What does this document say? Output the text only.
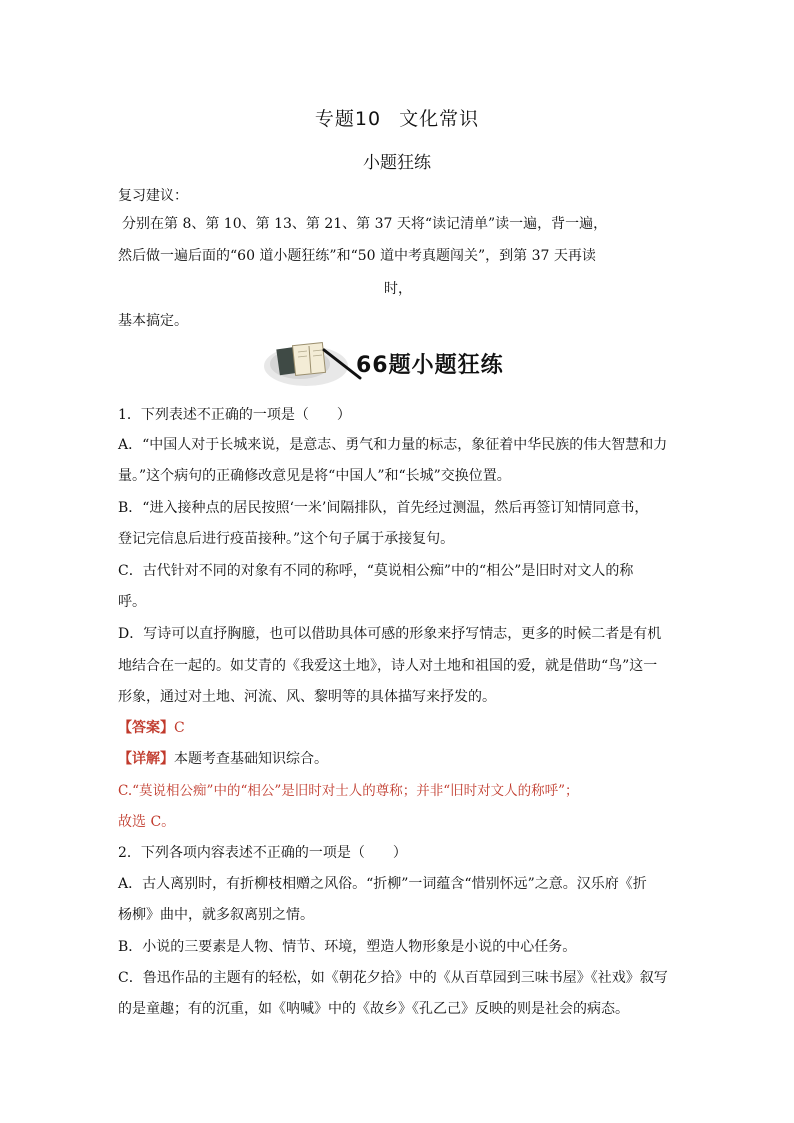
专题10 文化常识
小题狂练
复习建议：
分别在第 8、第 10、第 13、第 21、第 37 天将“读记清单”读一遍，背一遍，
然后做一遍后面的“60 道小题狂练”和“50 道中考真题闯关”，到第 37 天再读
时，
基本搞定。
66题小题狂练
1．下列表述不正确的一项是（　　）
A．“中国人对于长城来说，是意志、勇气和力量的标志，象征着中华民族的伟大智慧和力
量。”这个病句的正确修改意见是将“中国人”和“长城”交换位置。
B．“进入接种点的居民按照‘一米’间隔排队，首先经过测温，然后再签订知情同意书，
登记完信息后进行疫苗接种。”这个句子属于承接复句。
C．古代针对不同的对象有不同的称呼，“莫说相公痴”中的“相公”是旧时对文人的称
呼。
D．写诗可以直抒胸臆，也可以借助具体可感的形象来抒写情志，更多的时候二者是有机
地结合在一起的。如艾青的《我爱这土地》，诗人对土地和祖国的爱，就是借助“鸟”这一
形象，通过对土地、河流、风、黎明等的具体描写来抒发的。
【答案】C
【详解】本题考查基础知识综合。
C.“莫说相公痴”中的“相公”是旧时对士人的尊称；并非“旧时对文人的称呼”；
故选 C。
2．下列各项内容表述不正确的一项是（　　）
A．古人离别时，有折柳枝相赠之风俗。“折柳”一词蕴含“惜别怀远”之意。汉乐府《折
杨柳》曲中，就多叙离别之情。
B．小说的三要素是人物、情节、环境，塑造人物形象是小说的中心任务。
C．鲁迅作品的主题有的轻松，如《朝花夕拾》中的《从百草园到三味书屋》《社戏》叙写
的是童趣；有的沉重，如《呐喊》中的《故乡》《孔乙己》反映的则是社会的病态。
